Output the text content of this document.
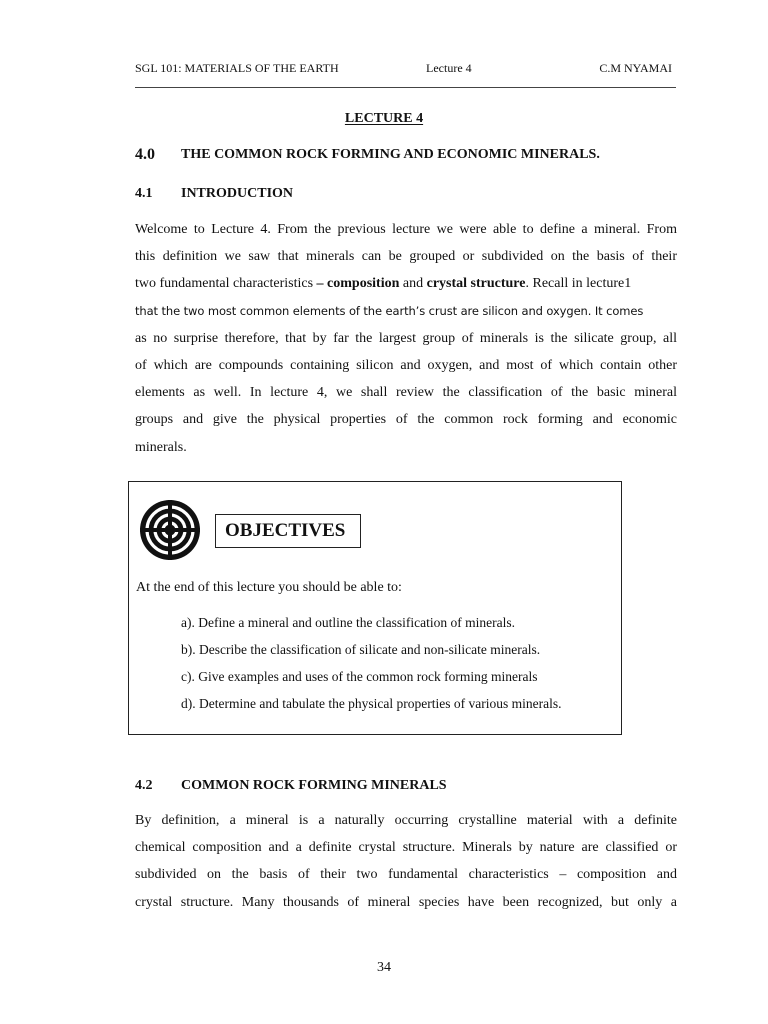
SGL 101: MATERIALS OF THE EARTH	Lecture 4	C.M NYAMAI
LECTURE 4
4.0 THE COMMON ROCK FORMING AND ECONOMIC MINERALS.
4.1 INTRODUCTION
Welcome to Lecture 4. From the previous lecture we were able to define a mineral. From
this definition we saw that minerals can be grouped or subdivided on the basis of their
two fundamental characteristics – composition and crystal structure. Recall in lecture1
that the two most common elements of the earth’s crust are silicon and oxygen. It comes
as no surprise therefore, that by far the largest group of minerals is the silicate group, all
of which are compounds containing silicon and oxygen, and most of which contain other
elements as well. In lecture 4, we shall review the classification of the basic mineral
groups and give the physical properties of the common rock forming and economic
minerals.
OBJECTIVES
At the end of this lecture you should be able to:
a). Define a mineral and outline the classification of minerals.
b). Describe the classification of silicate and non-silicate minerals.
c). Give examples and uses of the common rock forming minerals
d). Determine and tabulate the physical properties of various minerals.
4.2 COMMON ROCK FORMING MINERALS
By definition, a mineral is a naturally occurring crystalline material with a definite
chemical composition and a definite crystal structure. Minerals by nature are classified or
subdivided on the basis of their two fundamental characteristics – composition and
crystal structure. Many thousands of mineral species have been recognized, but only a
34
